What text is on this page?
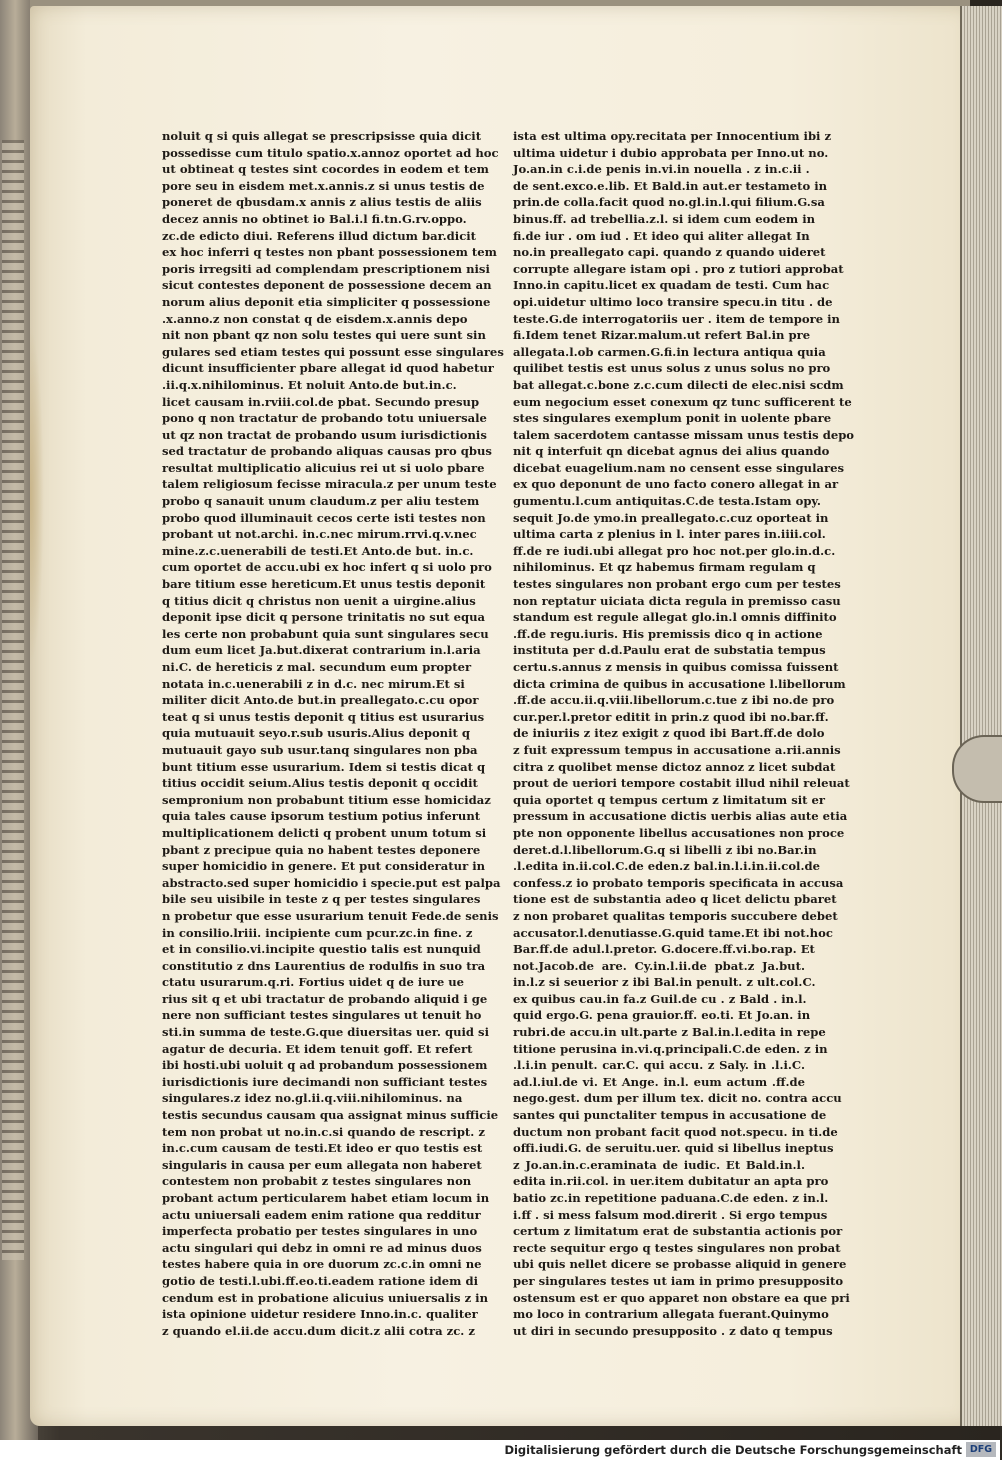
noluit q si quis allegat se prescripsisse quia dicit
possedisse cum titulo spatio.x.annoz oportet ad hoc
ut obtineat q testes sint cocordes in eodem et tem
pore seu in eisdem met.x.annis.z si unus testis de
poneret de qbusdam.x annis z alius testis de aliis
decez annis no obtinet io Bal.i.l fi.tn.G.rv.oppo.
zc.de edicto diui. Referens illud dictum bar.dicit
ex hoc inferri q testes non pbant possessionem tem
poris irregsiti ad complendam prescriptionem nisi
sicut contestes deponent de possessione decem an
norum alius deponit etia simpliciter q possessione
.x.anno.z non constat q de eisdem.x.annis depo
nit non pbant qz non solu testes qui uere sunt sin
gulares sed etiam testes qui possunt esse singulares
dicunt insufficienter pbare allegat id quod habetur
.ii.q.x.nihilominus. Et noluit Anto.de but.in.c.
licet causam in.rviii.col.de pbat. Secundo presup
pono q non tractatur de probando totu uniuersale
ut qz non tractat de probando usum iurisdictionis
sed tractatur de probando aliquas causas pro qbus
resultat multiplicatio alicuius rei ut si uolo pbare
talem religiosum fecisse miracula.z per unum teste
probo q sanauit unum claudum.z per aliu testem
probo quod illuminauit cecos certe isti testes non
probant ut not.archi. in.c.nec mirum.rrvi.q.v.nec
mine.z.c.uenerabili de testi.Et Anto.de but. in.c.
cum oportet de accu.ubi ex hoc infert q si uolo pro
bare titium esse hereticum.Et unus testis deponit
q titius dicit q christus non uenit a uirgine.alius
deponit ipse dicit q persone trinitatis no sut equa
les certe non probabunt quia sunt singulares secu
dum eum licet Ja.but.dixerat contrarium in.l.aria
ni.C. de hereticis z mal. secundum eum propter
notata in.c.uenerabili z in d.c. nec mirum.Et si
militer dicit Anto.de but.in preallegato.c.cu opor
teat q si unus testis deponit q titius est usurarius
quia mutuauit seyo.r.sub usuris.Alius deponit q
mutuauit gayo sub usur.tanq singulares non pba
bunt titium esse usurarium. Idem si testis dicat q
titius occidit seium.Alius testis deponit q occidit
sempronium non probabunt titium esse homicidaz
quia tales cause ipsorum testium potius inferunt
multiplicationem delicti q probent unum totum si
pbant z precipue quia no habent testes deponere
super homicidio in genere. Et put consideratur in
abstracto.sed super homicidio i specie.put est palpa
bile seu uisibile in teste z q per testes singulares
n probetur que esse usurarium tenuit Fede.de senis
in consilio.lriii. incipiente cum pcur.zc.in fine. z
et in consilio.vi.incipite questio talis est nunquid
constitutio z dns Laurentius de rodulfis in suo tra
ctatu usurarum.q.ri. Fortius uidet q de iure ue
rius sit q et ubi tractatur de probando aliquid i ge
nere non sufficiant testes singulares ut tenuit ho
sti.in summa de teste.G.que diuersitas uer. quid si
agatur de decuria. Et idem tenuit goff. Et refert
ibi hosti.ubi uoluit q ad probandum possessionem
iurisdictionis iure decimandi non sufficiant testes
singulares.z idez no.gl.ii.q.viii.nihilominus. na
testis secundus causam qua assignat minus sufficie
tem non probat ut no.in.c.si quando de rescript. z
in.c.cum causam de testi.Et ideo er quo testis est
singularis in causa per eum allegata non haberet
contestem non probabit z testes singulares non
probant actum perticularem habet etiam locum in
actu uniuersali eadem enim ratione qua redditur
imperfecta probatio per testes singulares in uno
actu singulari qui debz in omni re ad minus duos
testes habere quia in ore duorum zc.c.in omni ne
gotio de testi.l.ubi.ff.eo.ti.eadem ratione idem di
cendum est in probatione alicuius uniuersalis z in
ista opinione uidetur residere Inno.in.c. qualiter
z quando el.ii.de accu.dum dicit.z alii cotra zc. z
ista est ultima opy.recitata per Innocentium ibi z
ultima uidetur i dubio approbata per Inno.ut no.
Jo.an.in c.i.de penis in.vi.in nouella . z in.c.ii .
de sent.exco.e.lib. Et Bald.in aut.er testameto in
prin.de colla.facit quod no.gl.in.l.qui filium.G.sa
binus.ff. ad trebellia.z.l. si idem cum eodem in
fi.de iur . om iud . Et ideo qui aliter allegat In
no.in preallegato capi. quando z quando uideret
corrupte allegare istam opi . pro z tutiori approbat
Inno.in capitu.licet ex quadam de testi. Cum hac
opi.uidetur ultimo loco transire specu.in titu . de
teste.G.de interrogatoriis uer . item de tempore in
fi.Idem tenet Rizar.malum.ut refert Bal.in pre
allegata.l.ob carmen.G.fi.in lectura antiqua quia
quilibet testis est unus solus z unus solus no pro
bat allegat.c.bone z.c.cum dilecti de elec.nisi scdm
eum negocium esset conexum qz tunc sufficerent te
stes singulares exemplum ponit in uolente pbare
talem sacerdotem cantasse missam unus testis depo
nit q interfuit qn dicebat agnus dei alius quando
dicebat euagelium.nam no censent esse singulares
ex quo deponunt de uno facto conero allegat in ar
gumentu.l.cum antiquitas.C.de testa.Istam opy.
sequit Jo.de ymo.in preallegato.c.cuz oporteat in
ultima carta z plenius in l. inter pares in.iiii.col.
ff.de re iudi.ubi allegat pro hoc not.per glo.in.d.c.
nihilominus. Et qz habemus firmam regulam q
testes singulares non probant ergo cum per testes
non reptatur uiciata dicta regula in premisso casu
standum est regule allegat glo.in.l omnis diffinito
.ff.de regu.iuris. His premissis dico q in actione
instituta per d.d.Paulu erat de substatia tempus
certu.s.annus z mensis in quibus comissa fuissent
dicta crimina de quibus in accusatione l.libellorum
.ff.de accu.ii.q.viii.libellorum.c.tue z ibi no.de pro
cur.per.l.pretor editit in prin.z quod ibi no.bar.ff.
de iniuriis z itez exigit z quod ibi Bart.ff.de dolo
z fuit expressum tempus in accusatione a.rii.annis
citra z quolibet mense dictoz annoz z licet subdat
prout de ueriori tempore costabit illud nihil releuat
quia oportet q tempus certum z limitatum sit er
pressum in accusatione dictis uerbis alias aute etia
pte non opponente libellus accusationes non proce
deret.d.l.libellorum.G.q si libelli z ibi no.Bar.in
.l.edita in.ii.col.C.de eden.z bal.in.l.i.in.ii.col.de
confess.z io probato temporis specificata in accusa
tione est de substantia adeo q licet delictu pbaret
z non probaret qualitas temporis succubere debet
accusator.l.denutiasse.G.quid tame.Et ibi not.hoc
Bar.ff.de adul.l.pretor. G.docere.ff.vi.bo.rap. Et
not.Jacob.de are. Cy.in.l.ii.de pbat.z Ja.but.
in.l.z si seuerior z ibi Bal.in penult. z ult.col.C.
ex quibus cau.in fa.z Guil.de cu . z Bald . in.l.
quid ergo.G. pena grauior.ff. eo.ti. Et Jo.an. in
rubri.de accu.in ult.parte z Bal.in.l.edita in repe
titione perusina in.vi.q.principali.C.de eden. z in
.l.i.in penult. car.C. qui accu. z Saly. in .l.i.C.
ad.l.iul.de vi. Et Ange. in.l. eum actum .ff.de
nego.gest. dum per illum tex. dicit no. contra accu
santes qui punctaliter tempus in accusatione de
ductum non probant facit quod not.specu. in ti.de
offi.iudi.G. de seruitu.uer. quid si libellus ineptus
z Jo.an.in.c.eraminata de iudic. Et Bald.in.l.
edita in.rii.col. in uer.item dubitatur an apta pro
batio zc.in repetitione paduana.C.de eden. z in.l.
i.ff . si mess falsum mod.direrit . Si ergo tempus
certum z limitatum erat de substantia actionis por
recte sequitur ergo q testes singulares non probat
ubi quis nellet dicere se probasse aliquid in genere
per singulares testes ut iam in primo presupposito
ostensum est er quo apparet non obstare ea que pri
mo loco in contrarium allegata fuerant.Quinymo
ut diri in secundo presupposito . z dato q tempus
Digitalisierung gefördert durch die Deutsche Forschungsgemeinschaft DFG
